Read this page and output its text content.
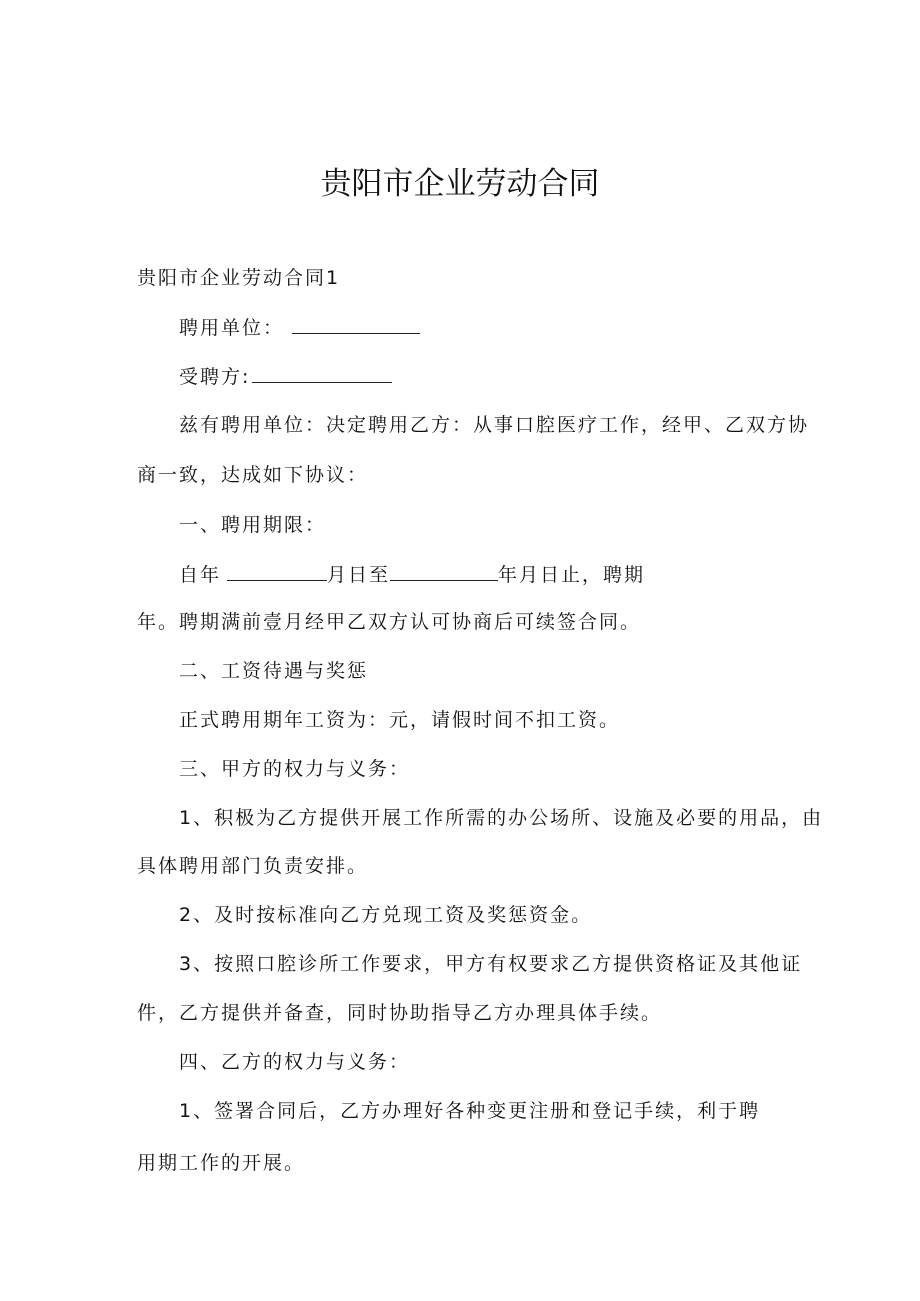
贵阳市企业劳动合同
贵阳市企业劳动合同1
聘用单位：
受聘方:
兹有聘用单位：决定聘用乙方：从事口腔医疗工作，经甲、乙双方协
商一致，达成如下协议：
一、聘用期限：
自年	月日至	年月日止，聘期
年。聘期满前壹月经甲乙双方认可协商后可续签合同。
二、工资待遇与奖惩
正式聘用期年工资为：元，请假时间不扣工资。
三、甲方的权力与义务：
1、积极为乙方提供开展工作所需的办公场所、设施及必要的用品，由
具体聘用部门负责安排。
2、及时按标准向乙方兑现工资及奖惩资金。
3、按照口腔诊所工作要求，甲方有权要求乙方提供资格证及其他证
件，乙方提供并备查，同时协助指导乙方办理具体手续。
四、乙方的权力与义务：
1、签署合同后，乙方办理好各种变更注册和登记手续，利于聘
用期工作的开展。
